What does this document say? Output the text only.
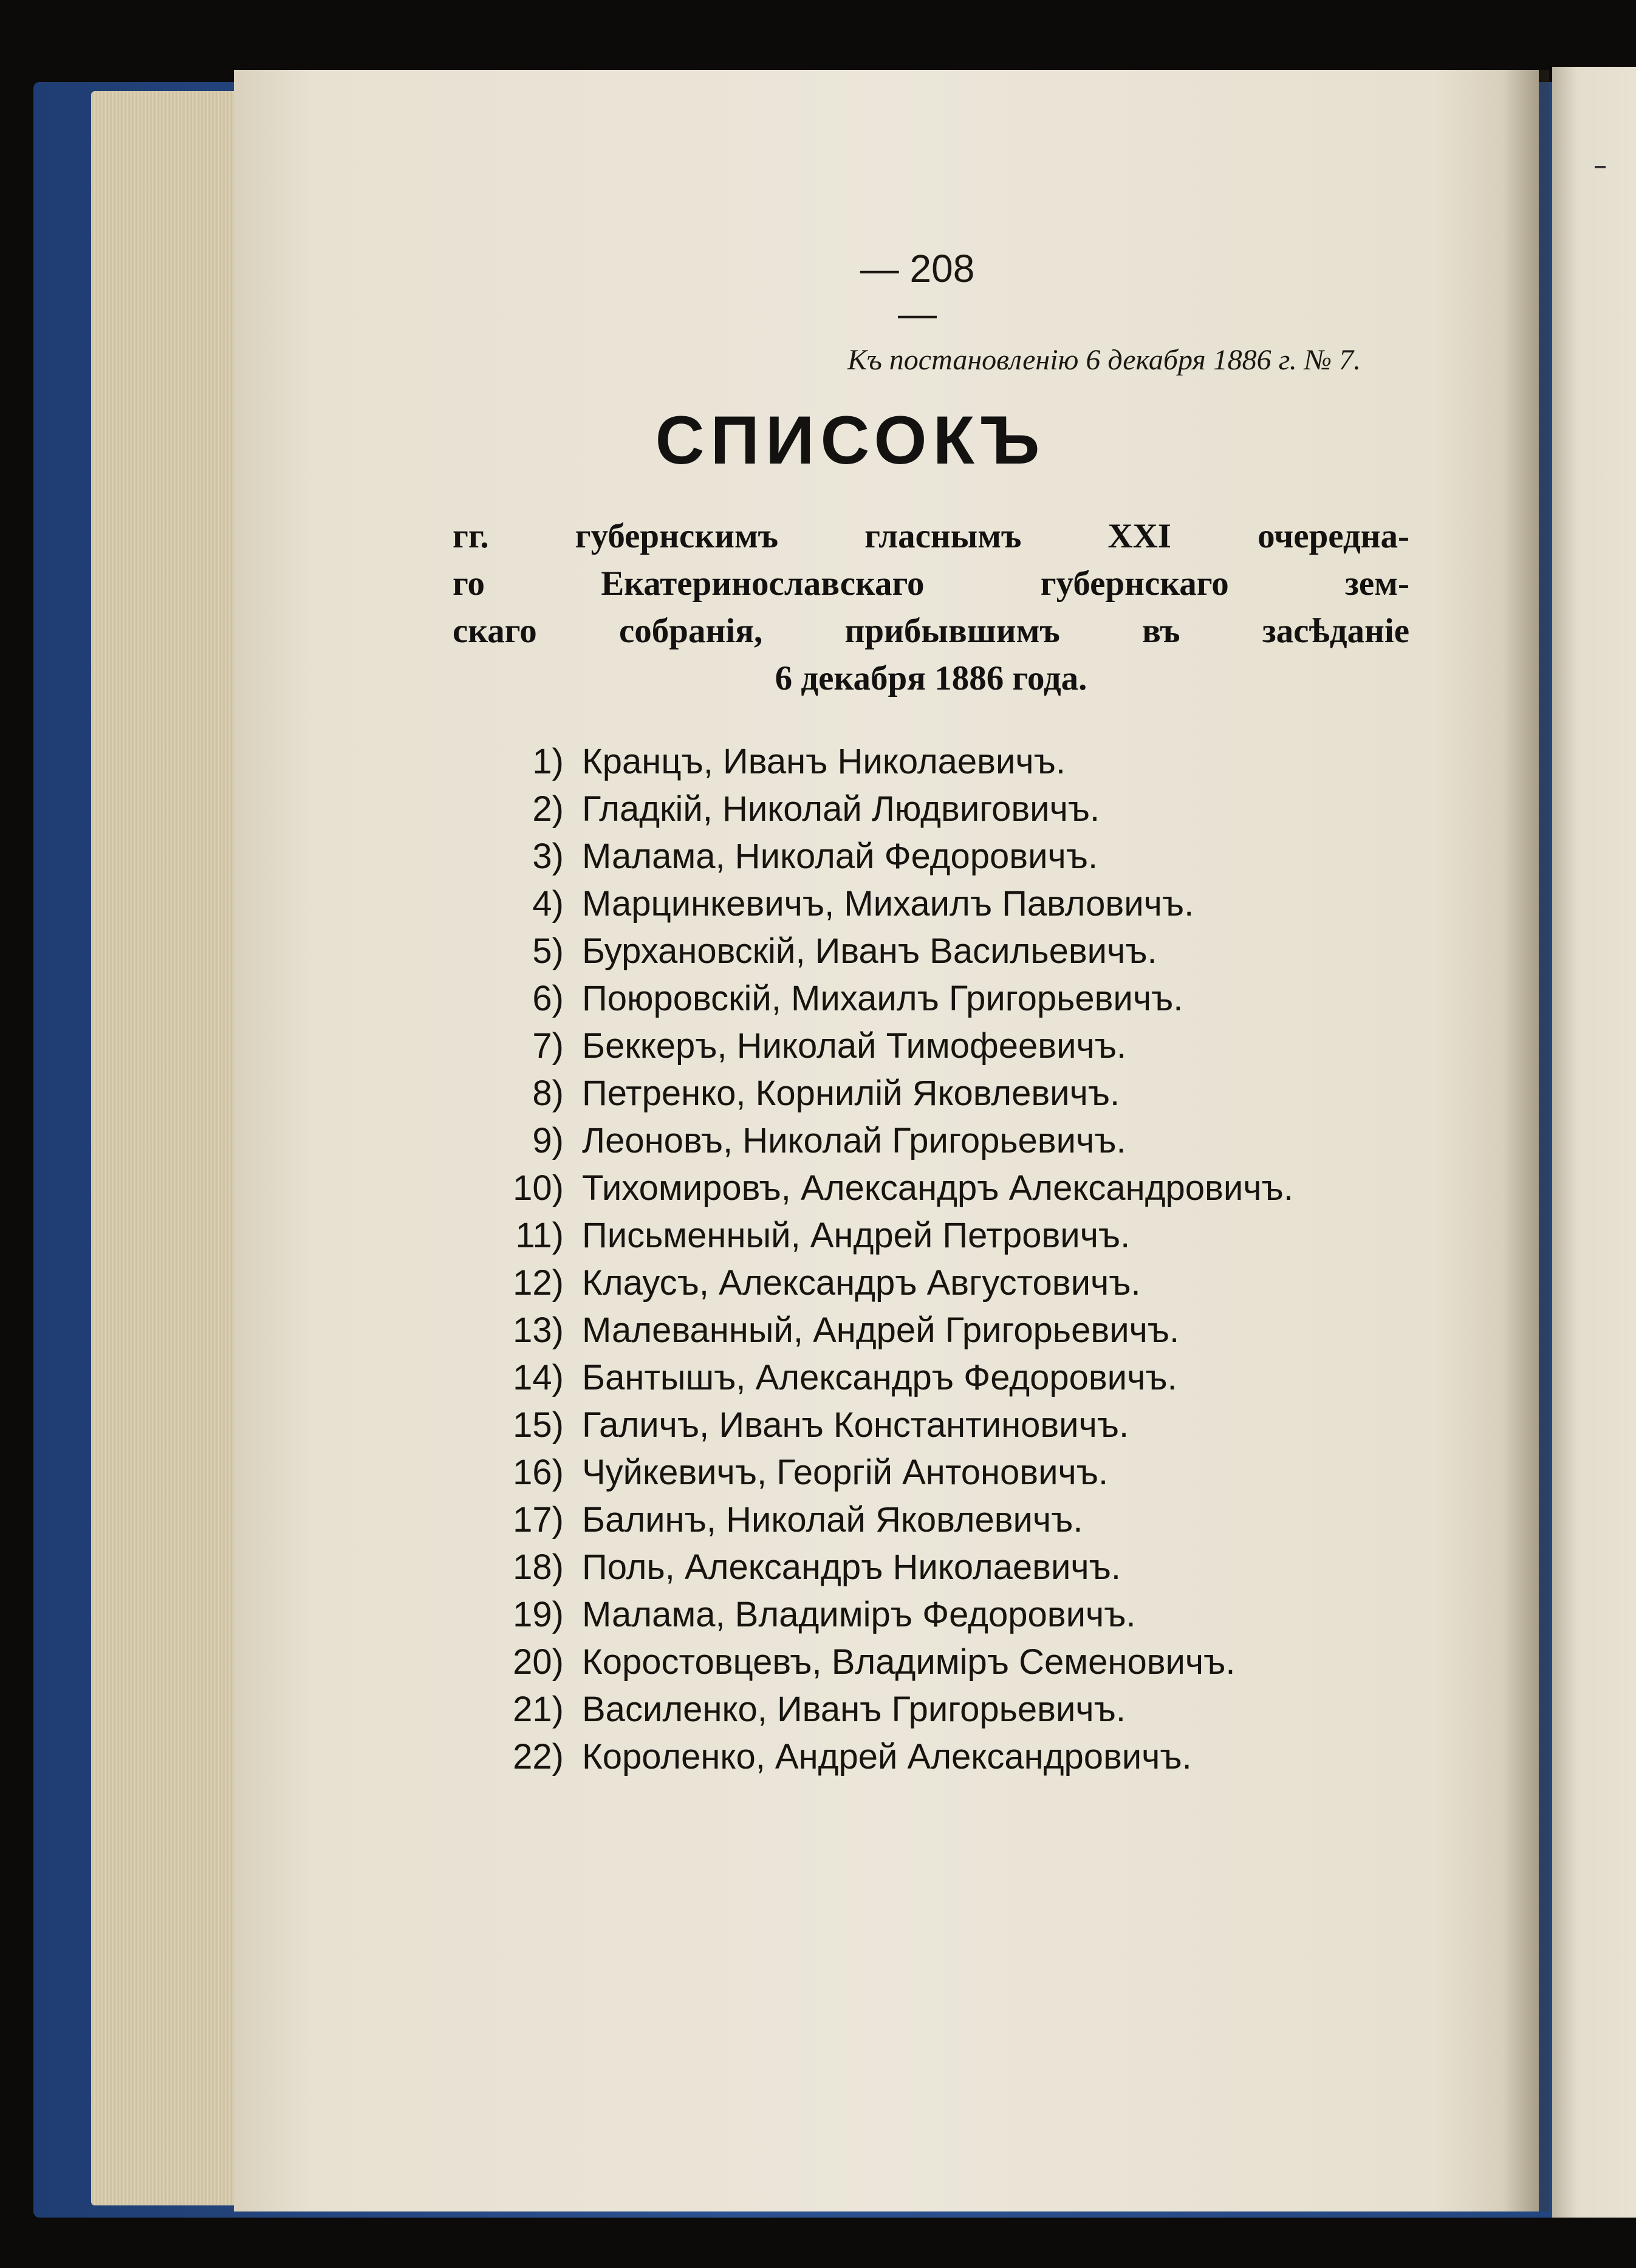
— 208 —
Къ постановленію 6 декабря 1886 г. № 7.
СПИСОКЪ
гг. губернскимъ гласнымъ XXI очередна-
го Екатеринославскаго губернскаго зем-
скаго собранія, прибывшимъ въ засѣданіе
6 декабря 1886 года.
1) Кранцъ, Иванъ Николаевичъ.
2) Гладкій, Николай Людвиговичъ.
3) Малама, Николай Федоровичъ.
4) Марцинкевичъ, Михаилъ Павловичъ.
5) Бурхановскій, Иванъ Васильевичъ.
6) Поюровскій, Михаилъ Григорьевичъ.
7) Беккеръ, Николай Тимофеевичъ.
8) Петренко, Корнилій Яковлевичъ.
9) Леоновъ, Николай Григорьевичъ.
10) Тихомировъ, Александръ Александровичъ.
11) Письменный, Андрей Петровичъ.
12) Клаусъ, Александръ Августовичъ.
13) Малеванный, Андрей Григорьевичъ.
14) Бантышъ, Александръ Федоровичъ.
15) Галичъ, Иванъ Константиновичъ.
16) Чуйкевичъ, Георгій Антоновичъ.
17) Балинъ, Николай Яковлевичъ.
18) Поль, Александръ Николаевичъ.
19) Малама, Владиміръ Федоровичъ.
20) Коростовцевъ, Владиміръ Семеновичъ.
21) Василенко, Иванъ Григорьевичъ.
22) Короленко, Андрей Александровичъ.
